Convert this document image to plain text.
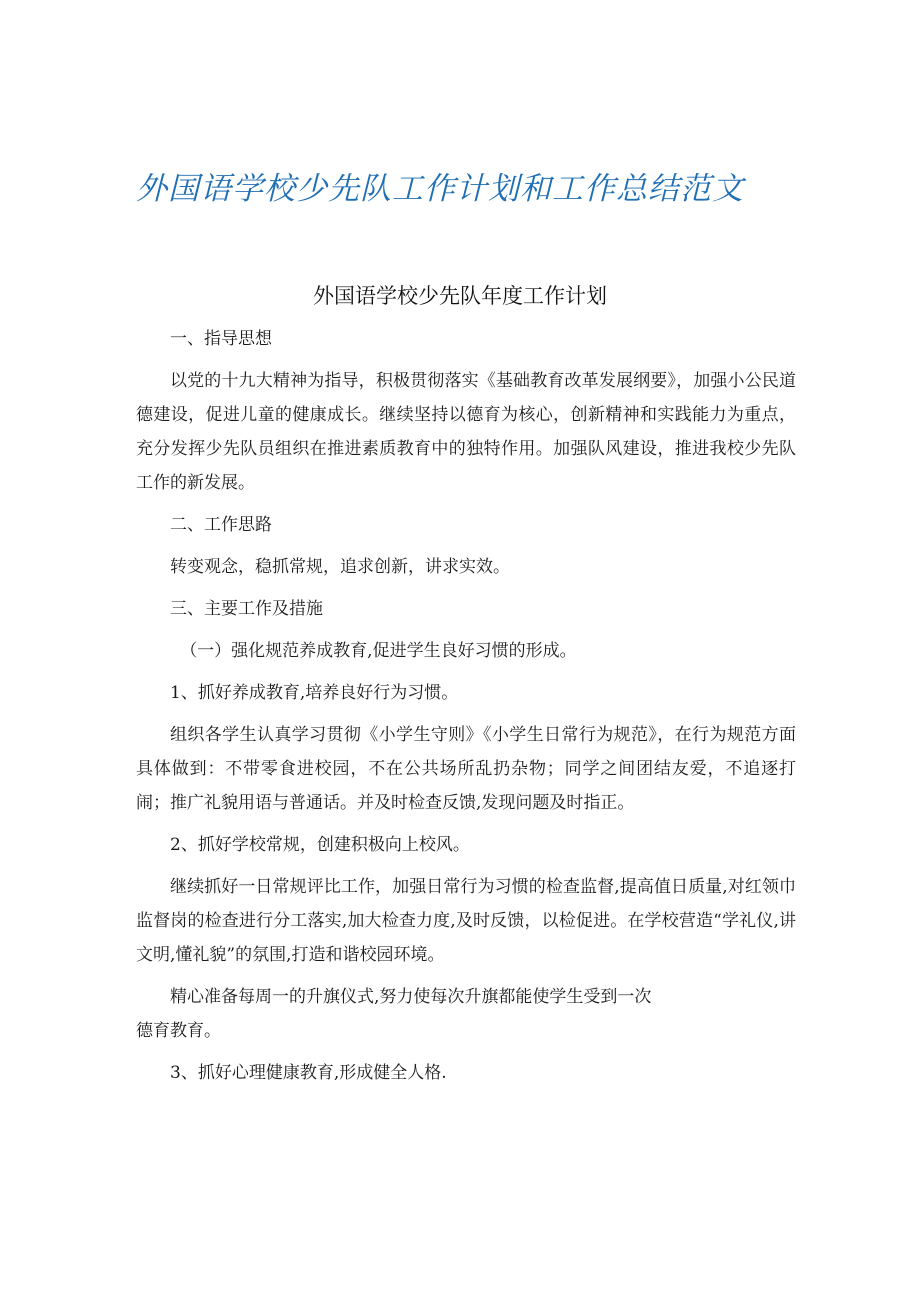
外国语学校少先队工作计划和工作总结范文
外国语学校少先队年度工作计划

一、指导思想

以党的十九大精神为指导，积极贯彻落实《基础教育改革发展纲要》，加强小公民道德建设，促进儿童的健康成长。继续坚持以德育为核心，创新精神和实践能力为重点，充分发挥少先队员组织在推进素质教育中的独特作用。加强队风建设，推进我校少先队工作的新发展。

二、工作思路

转变观念，稳抓常规，追求创新，讲求实效。

三、主要工作及措施

（一）强化规范养成教育,促进学生良好习惯的形成。

1、抓好养成教育,培养良好行为习惯。

组织各学生认真学习贯彻《小学生守则》《小学生日常行为规范》，在行为规范方面具体做到：不带零食进校园，不在公共场所乱扔杂物；同学之间团结友爱，不追逐打闹；推广礼貌用语与普通话。并及时检查反馈,发现问题及时指正。

2、抓好学校常规，创建积极向上校风。

继续抓好一日常规评比工作，加强日常行为习惯的检查监督,提高值日质量,对红领巾监督岗的检查进行分工落实,加大检查力度,及时反馈，以检促进。在学校营造“学礼仪,讲文明,懂礼貌”的氛围,打造和谐校园环境。

精心准备每周一的升旗仪式,努力使每次升旗都能使学生受到一次

德育教育。

3、抓好心理健康教育,形成健全人格.
